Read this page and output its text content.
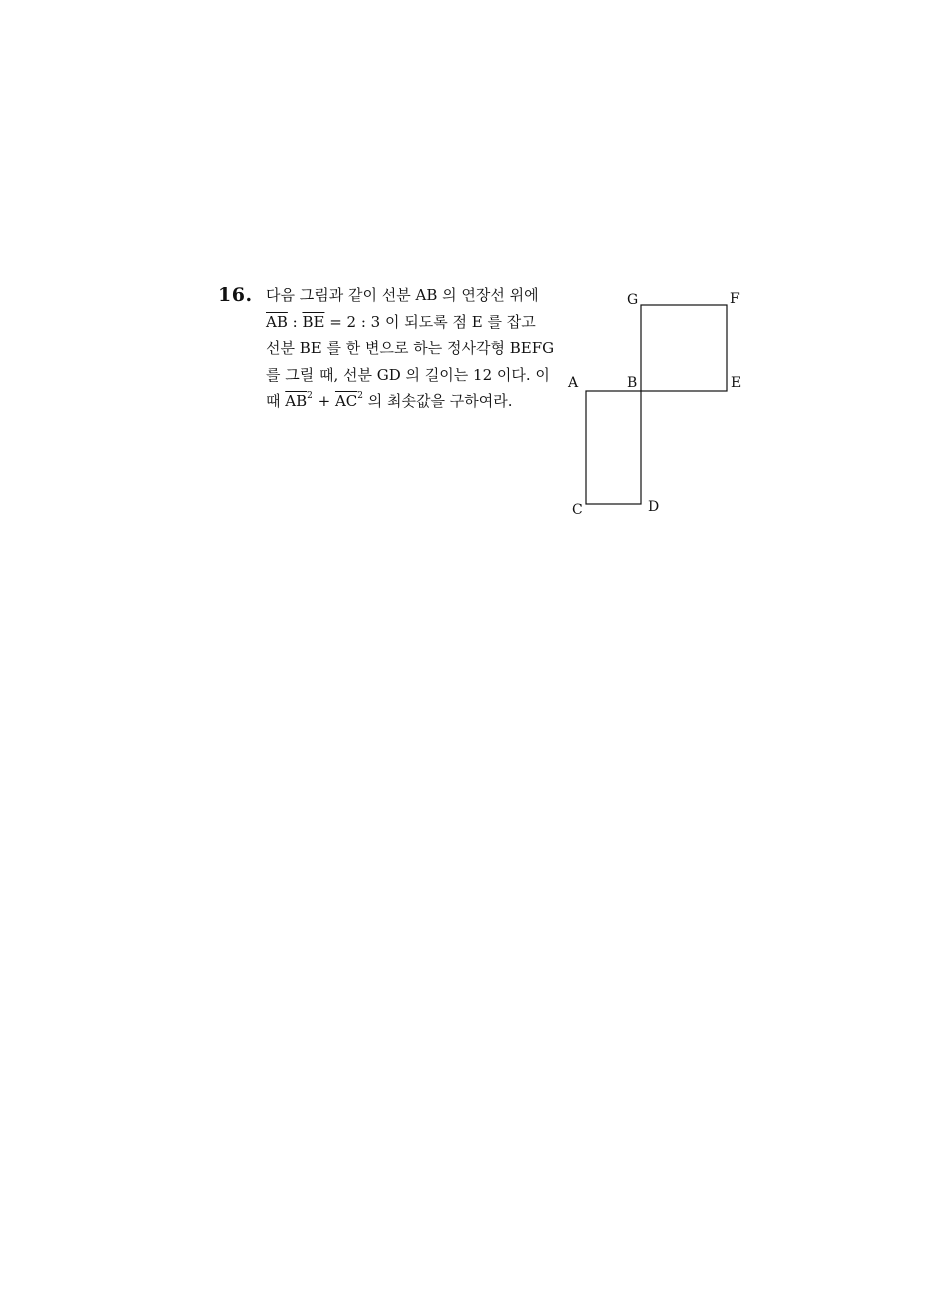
16. 다음 그림과 같이 선분 AB 의 연장선 위에
$\overline{AB}$ : $\overline{BE} = 2$ : 3 이 되도록 점 E 를 잡고
선분 BE 를 한 변으로 하는 정사각형 BEFG
를 그릴 때, 선분 GD 의 길이는 12 이다. 이
때 $\overline{AB}^2 + \overline{AC}^2$ 의 최솟값을 구하여라.
G	F
A	B	E
C	D
